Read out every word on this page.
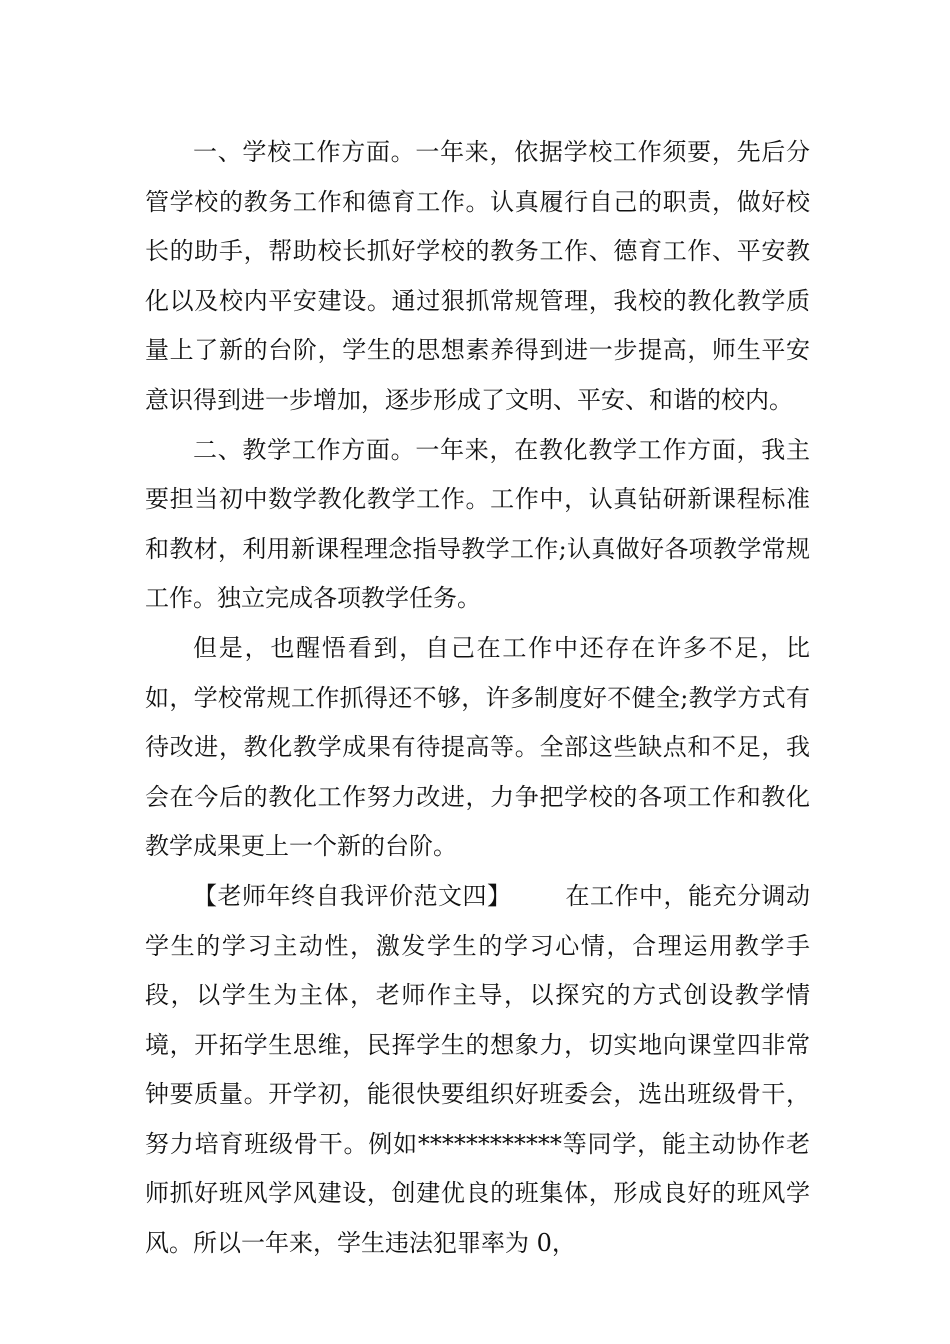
一、学校工作方面。一年来，依据学校工作须要，先后分管学校的教务工作和德育工作。认真履行自己的职责，做好校长的助手，帮助校长抓好学校的教务工作、德育工作、平安教化以及校内平安建设。通过狠抓常规管理，我校的教化教学质量上了新的台阶，学生的思想素养得到进一步提高，师生平安意识得到进一步增加，逐步形成了文明、平安、和谐的校内。

二、教学工作方面。一年来，在教化教学工作方面，我主要担当初中数学教化教学工作。工作中，认真钻研新课程标准和教材，利用新课程理念指导教学工作;认真做好各项教学常规工作。独立完成各项教学任务。

但是，也醒悟看到，自己在工作中还存在许多不足，比如，学校常规工作抓得还不够，许多制度好不健全;教学方式有待改进，教化教学成果有待提高等。全部这些缺点和不足，我会在今后的教化工作努力改进，力争把学校的各项工作和教化教学成果更上一个新的台阶。

【老师年终自我评价范文四】 在工作中，能充分调动学生的学习主动性，激发学生的学习心情，合理运用教学手段，以学生为主体，老师作主导，以探究的方式创设教学情境，开拓学生思维，民挥学生的想象力，切实地向课堂四非常钟要质量。开学初，能很快要组织好班委会，选出班级骨干，努力培育班级骨干。例如************等同学，能主动协作老师抓好班风学风建设，创建优良的班集体，形成良好的班风学风。所以一年来，学生违法犯罪率为 0，
